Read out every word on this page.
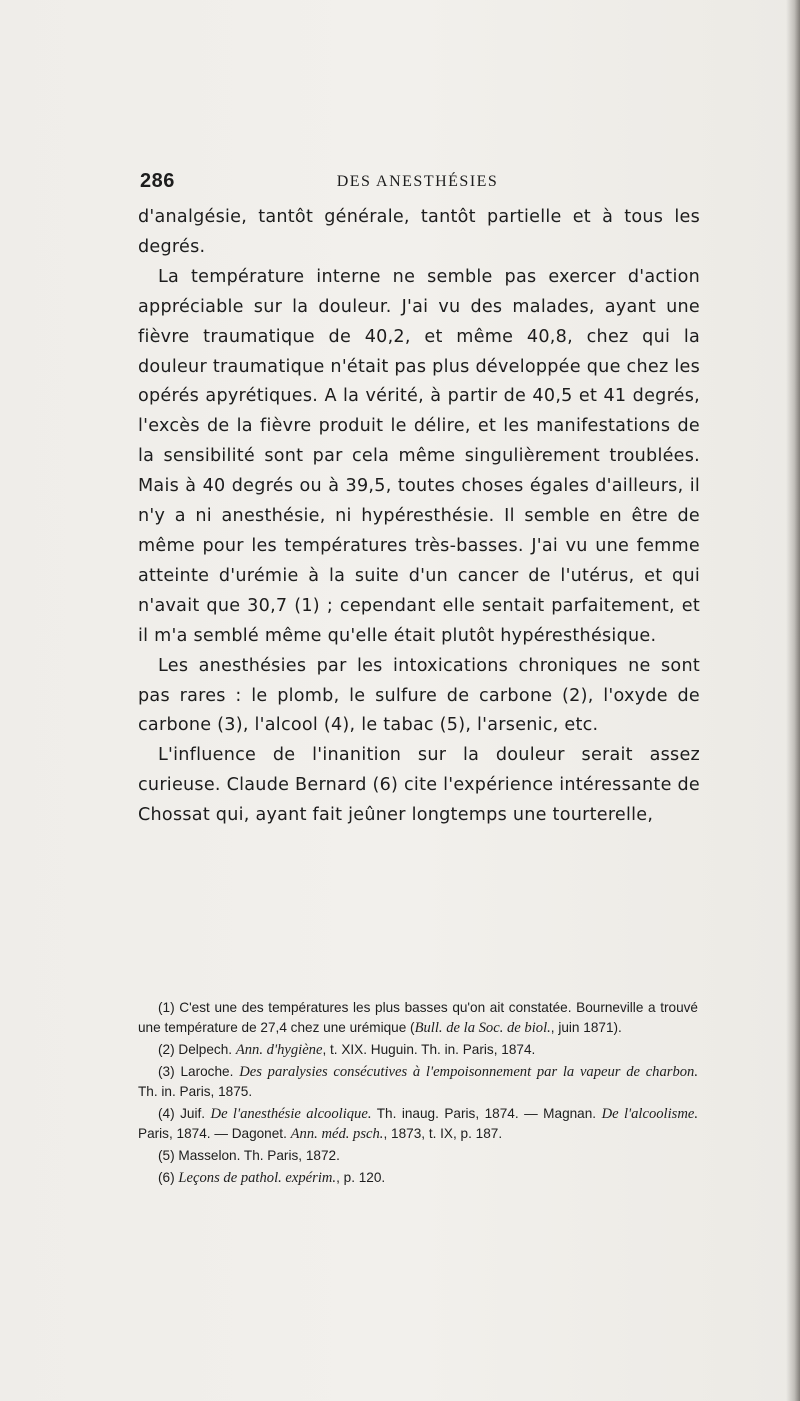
286	DES ANESTHÉSIES

d'analgésie, tantôt générale, tantôt partielle et à tous les degrés.

La température interne ne semble pas exercer d'action appréciable sur la douleur. J'ai vu des malades, ayant une fièvre traumatique de 40,2, et même 40,8, chez qui la douleur traumatique n'était pas plus développée que chez les opérés apyrétiques. A la vérité, à partir de 40,5 et 41 degrés, l'excès de la fièvre produit le délire, et les manifestations de la sensibilité sont par cela même singulièrement troublées. Mais à 40 degrés ou à 39,5, toutes choses égales d'ailleurs, il n'y a ni anesthésie, ni hypéresthésie. Il semble en être de même pour les températures très-basses. J'ai vu une femme atteinte d'urémie à la suite d'un cancer de l'utérus, et qui n'avait que 30,7 (1) ; cependant elle sentait parfaitement, et il m'a semblé même qu'elle était plutôt hypéresthésique.

Les anesthésies par les intoxications chroniques ne sont pas rares : le plomb, le sulfure de carbone (2), l'oxyde de carbone (3), l'alcool (4), le tabac (5), l'arsenic, etc.

L'influence de l'inanition sur la douleur serait assez curieuse. Claude Bernard (6) cite l'expérience intéressante de Chossat qui, ayant fait jeûner longtemps une tourterelle,

(1) C'est une des températures les plus basses qu'on ait constatée. Bourneville a trouvé une température de 27,4 chez une urémique (Bull. de la Soc. de biol., juin 1871).

(2) Delpech. Ann. d'hygiène, t. XIX. Huguin. Th. in. Paris, 1874.

(3) Laroche. Des paralysies consécutives à l'empoisonnement par la vapeur de charbon. Th. in. Paris, 1875.

(4) Juif. De l'anesthésie alcoolique. Th. inaug. Paris, 1874. — Magnan. De l'alcoolisme. Paris, 1874. — Dagonet. Ann. méd. psch., 1873, t. IX, p. 187.

(5) Masselon. Th. Paris, 1872.

(6) Leçons de pathol. expérim., p. 120.
